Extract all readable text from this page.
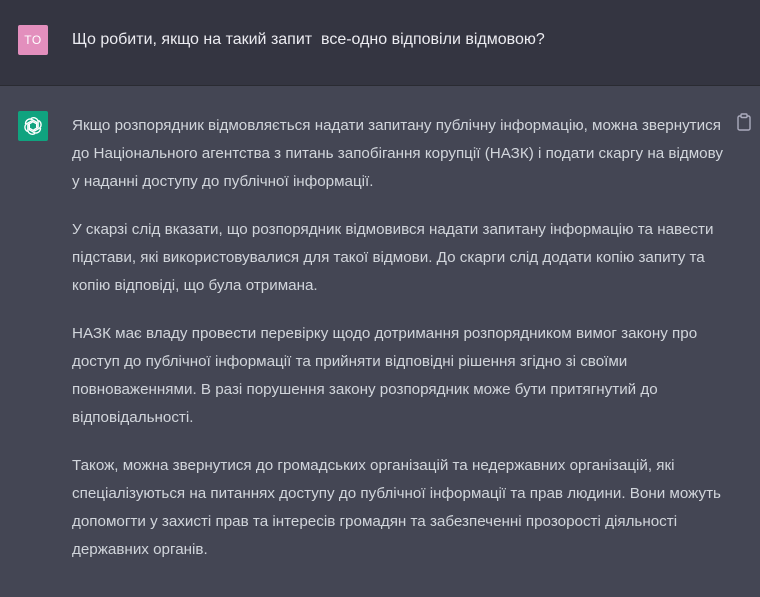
TO	Що робити, якщо на такий запит  все-одно відповіли відмовою?

Якщо розпорядник відмовляється надати запитану публічну інформацію, можна звернутися до Національного агентства з питань запобігання корупції (НАЗК) і подати скаргу на відмову у наданні доступу до публічної інформації.

У скарзі слід вказати, що розпорядник відмовився надати запитану інформацію та навести підстави, які використовувалися для такої відмови. До скарги слід додати копію запиту та копію відповіді, що була отримана.

НАЗК має владу провести перевірку щодо дотримання розпорядником вимог закону про доступ до публічної інформації та прийняти відповідні рішення згідно зі своїми повноваженнями. В разі порушення закону розпорядник може бути притягнутий до відповідальності.

Також, можна звернутися до громадських організацій та недержавних організацій, які спеціалізуються на питаннях доступу до публічної інформації та прав людини. Вони можуть допомогти у захисті прав та інтересів громадян та забезпеченні прозорості діяльності державних органів.
